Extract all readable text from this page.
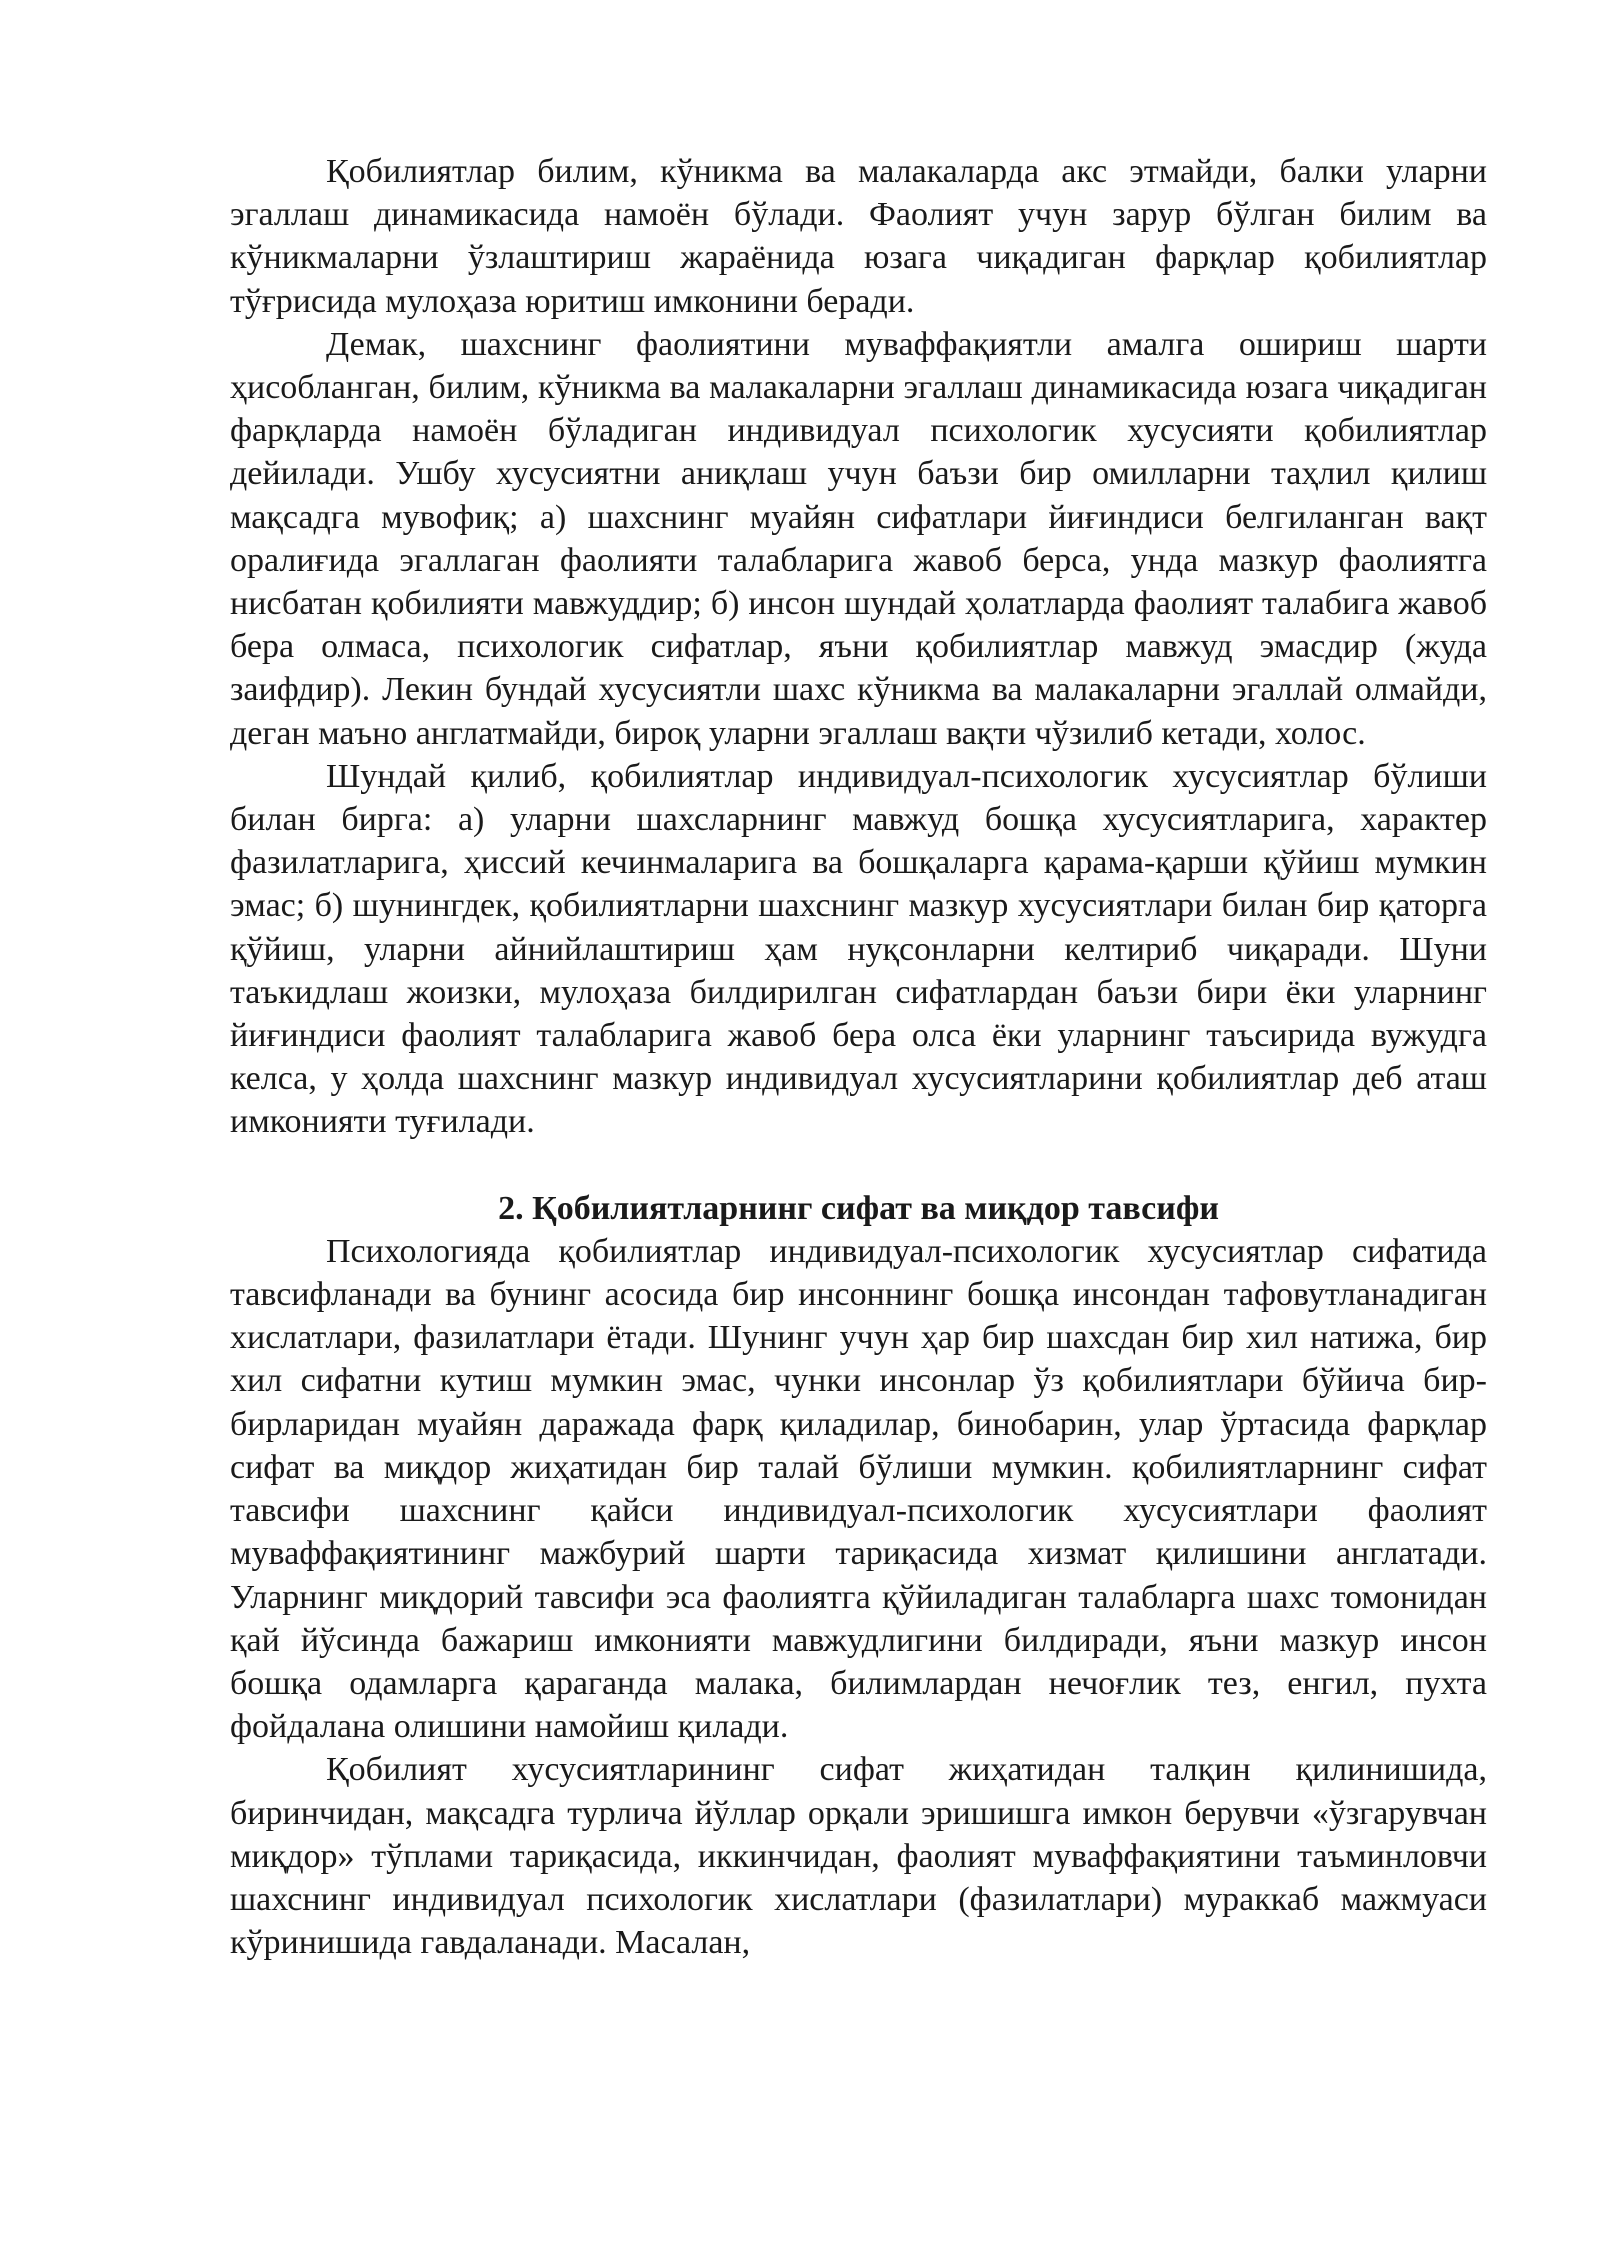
Қобилиятлар билим, кўникма ва малакаларда акс этмайди, балки уларни эгаллаш динамикасида намоён бўлади. Фаолият учун зарур бўлган билим ва кўникмаларни ўзлаштириш жараёнида юзага чиқадиган фарқлар қобилиятлар тўғрисида мулоҳаза юритиш имконини беради.

Демак, шахснинг фаолиятини муваффақиятли амалга ошириш шарти ҳисобланган, билим, кўникма ва малакаларни эгаллаш динамикасида юзага чиқадиган фарқларда намоён бўладиган индивидуал психологик хусусияти қобилиятлар дейилади. Ушбу хусусиятни аниқлаш учун баъзи бир омилларни таҳлил қилиш мақсадга мувофиқ; а) шахснинг муайян сифатлари йиғиндиси белгиланган вақт оралиғида эгаллаган фаолияти талабларига жавоб берса, унда мазкур фаолиятга нисбатан қобилияти мавжуддир; б) инсон шундай ҳолатларда фаолият талабига жавоб бера олмаса, психологик сифатлар, яъни қобилиятлар мавжуд эмасдир (жуда заифдир). Лекин бундай хусусиятли шахс кўникма ва малакаларни эгаллай олмайди, деган маъно англатмайди, бироқ уларни эгаллаш вақти чўзилиб кетади, холос.

Шундай қилиб, қобилиятлар индивидуал-психологик хусусиятлар бўлиши билан бирга: а) уларни шахсларнинг мавжуд бошқа хусусиятларига, характер фазилатларига, ҳиссий кечинмаларига ва бошқаларга қарама-қарши қўйиш мумкин эмас; б) шунингдек, қобилиятларни шахснинг мазкур хусусиятлари билан бир қаторга қўйиш, уларни айнийлаштириш ҳам нуқсонларни келтириб чиқаради. Шуни таъкидлаш жоизки, мулоҳаза билдирилган сифатлардан баъзи бири ёки уларнинг йиғиндиси фаолият талабларига жавоб бера олса ёки уларнинг таъсирида вужудга келса, у ҳолда шахснинг мазкур индивидуал хусусиятларини қобилиятлар деб аташ имконияти туғилади.

2. Қобилиятларнинг сифат ва миқдор тавсифи

Психологияда қобилиятлар индивидуал-психологик хусусиятлар сифатида тавсифланади ва бунинг асосида бир инсоннинг бошқа инсондан тафовутланадиган хислатлари, фазилатлари ётади. Шунинг учун ҳар бир шахсдан бир хил натижа, бир хил сифатни кутиш мумкин эмас, чунки инсонлар ўз қобилиятлари бўйича бир-бирларидан муайян даражада фарқ қиладилар, бинобарин, улар ўртасида фарқлар сифат ва миқдор жиҳатидан бир талай бўлиши мумкин. қобилиятларнинг сифат тавсифи шахснинг қайси индивидуал-психологик хусусиятлари фаолият муваффақиятининг мажбурий шарти тариқасида хизмат қилишини англатади. Уларнинг миқдорий тавсифи эса фаолиятга қўйиладиган талабларга шахс томонидан қай йўсинда бажариш имконияти мавжудлигини билдиради, яъни мазкур инсон бошқа одамларга қараганда малака, билимлардан нечоғлик тез, енгил, пухта фойдалана олишини намойиш қилади.

Қобилият хусусиятларининг сифат жиҳатидан талқин қилинишида, биринчидан, мақсадга турлича йўллар орқали эришишга имкон берувчи «ўзгарувчан миқдор» тўплами тариқасида, иккинчидан, фаолият муваффақиятини таъминловчи шахснинг индивидуал психологик хислатлари (фазилатлари) мураккаб мажмуаси кўринишида гавдаланади. Масалан,
